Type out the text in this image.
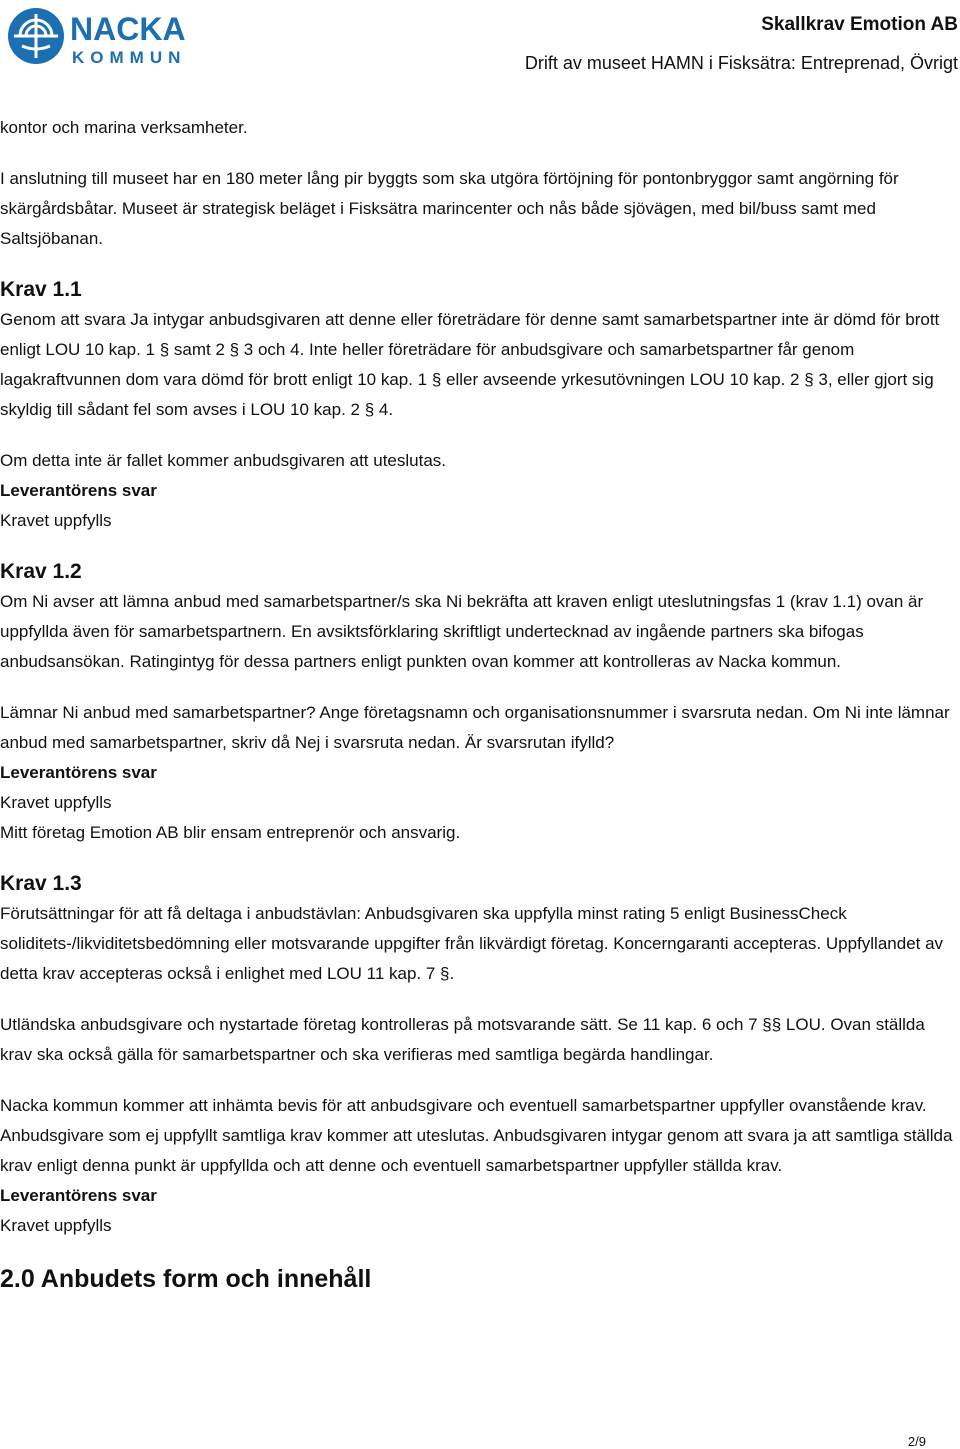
NACKA
KOMMUN
Skallkrav Emotion AB
Drift av museet HAMN i Fisksätra: Entreprenad, Övrigt

kontor och marina verksamheter.

I anslutning till museet har en 180 meter lång pir byggts som ska utgöra förtöjning för pontonbryggor samt angörning för skärgårdsbåtar. Museet är strategisk beläget i Fisksätra marincenter och nås både sjövägen, med bil/buss samt med Saltsjöbanan.

Krav 1.1

Genom att svara Ja intygar anbudsgivaren att denne eller företrädare för denne samt samarbetspartner inte är dömd för brott enligt LOU 10 kap. 1 § samt 2 § 3 och 4. Inte heller företrädare för anbudsgivare och samarbetspartner får genom lagakraftvunnen dom vara dömd för brott enligt 10 kap. 1 § eller avseende yrkesutövningen LOU 10 kap. 2 § 3, eller gjort sig skyldig till sådant fel som avses i LOU 10 kap. 2 § 4.

Om detta inte är fallet kommer anbudsgivaren att uteslutas.

Leverantörens svar

Kravet uppfylls

Krav 1.2

Om Ni avser att lämna anbud med samarbetspartner/s ska Ni bekräfta att kraven enligt uteslutningsfas 1 (krav 1.1) ovan är uppfyllda även för samarbetspartnern. En avsiktsförklaring skriftligt undertecknad av ingående partners ska bifogas anbudsansökan. Ratingintyg för dessa partners enligt punkten ovan kommer att kontrolleras av Nacka kommun.

Lämnar Ni anbud med samarbetspartner? Ange företagsnamn och organisationsnummer i svarsruta nedan. Om Ni inte lämnar anbud med samarbetspartner, skriv då Nej i svarsruta nedan. Är svarsrutan ifylld?

Leverantörens svar

Kravet uppfylls

Mitt företag Emotion AB blir ensam entreprenör och ansvarig.

Krav 1.3

Förutsättningar för att få deltaga i anbudstävlan: Anbudsgivaren ska uppfylla minst rating 5 enligt BusinessCheck soliditets-/likviditetsbedömning eller motsvarande uppgifter från likvärdigt företag. Koncerngaranti accepteras. Uppfyllandet av detta krav accepteras också i enlighet med LOU 11 kap. 7 §.

Utländska anbudsgivare och nystartade företag kontrolleras på motsvarande sätt. Se 11 kap. 6 och 7 §§ LOU. Ovan ställda krav ska också gälla för samarbetspartner och ska verifieras med samtliga begärda handlingar.

Nacka kommun kommer att inhämta bevis för att anbudsgivare och eventuell samarbetspartner uppfyller ovanstående krav. Anbudsgivare som ej uppfyllt samtliga krav kommer att uteslutas. Anbudsgivaren intygar genom att svara ja att samtliga ställda krav enligt denna punkt är uppfyllda och att denne och eventuell samarbetspartner uppfyller ställda krav.

Leverantörens svar

Kravet uppfylls

2.0 Anbudets form och innehåll

2/9
